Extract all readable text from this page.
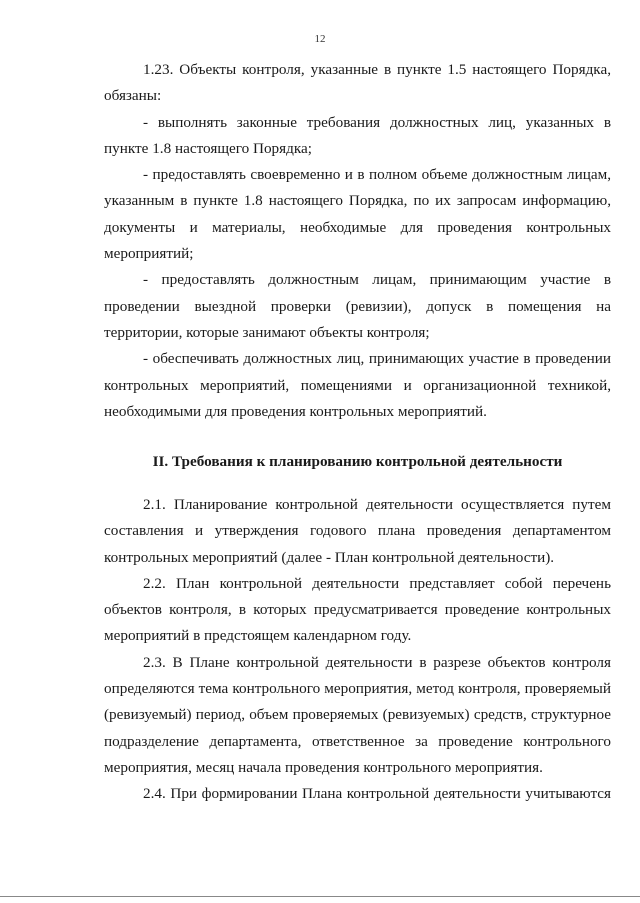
12

1.23. Объекты контроля, указанные в пункте 1.5 настоящего Порядка, обязаны:

- выполнять законные требования должностных лиц, указанных в пункте 1.8 настоящего Порядка;

- предоставлять своевременно и в полном объеме должностным лицам, указанным в пункте 1.8 настоящего Порядка, по их запросам информацию, документы и материалы, необходимые для проведения контрольных мероприятий;

- предоставлять должностным лицам, принимающим участие в проведении выездной проверки (ревизии), допуск в помещения на территории, которые занимают объекты контроля;

- обеспечивать должностных лиц, принимающих участие в проведении контрольных мероприятий, помещениями и организационной техникой, необходимыми для проведения контрольных мероприятий.

II. Требования к планированию контрольной деятельности

2.1. Планирование контрольной деятельности осуществляется путем составления и утверждения годового плана проведения департаментом контрольных мероприятий (далее - План контрольной деятельности).

2.2. План контрольной деятельности представляет собой перечень объектов контроля, в которых предусматривается проведение контрольных мероприятий в предстоящем календарном году.

2.3. В Плане контрольной деятельности в разрезе объектов контроля определяются тема контрольного мероприятия, метод контроля, проверяемый (ревизуемый) период, объем проверяемых (ревизуемых) средств, структурное подразделение департамента, ответственное за проведение контрольного мероприятия, месяц начала проведения контрольного мероприятия.

2.4. При формировании Плана контрольной деятельности учитываются
